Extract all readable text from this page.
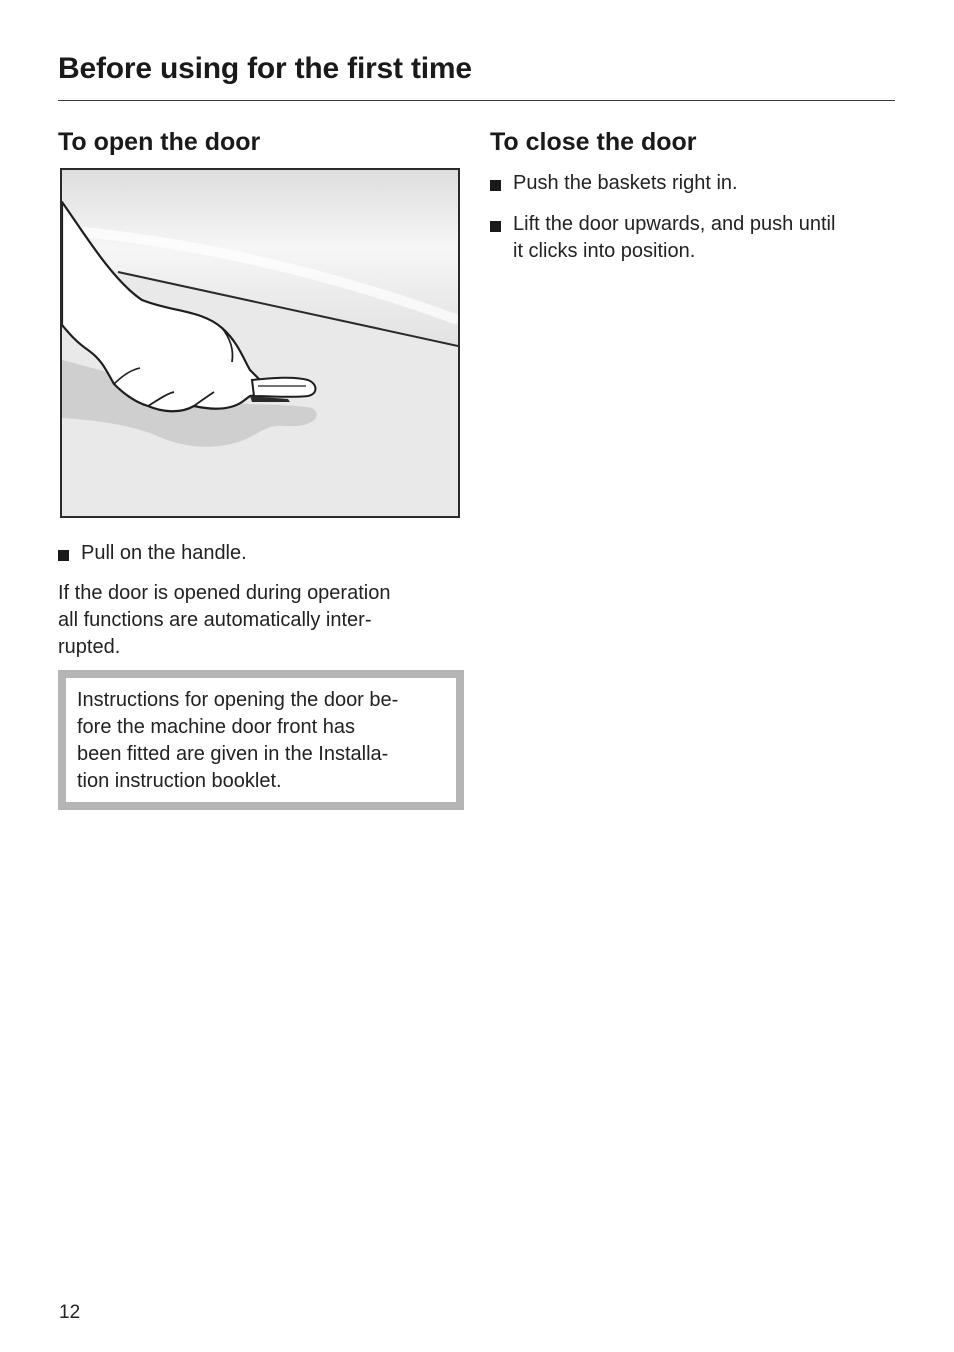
Before using for the first time
To open the door
Pull on the handle.
If the door is opened during operation
all functions are automatically inter-
rupted.
Instructions for opening the door be-
fore the machine door front has
been fitted are given in the Installa-
tion instruction booklet.
To close the door
Push the baskets right in.
Lift the door upwards, and push until
it clicks into position.
12
